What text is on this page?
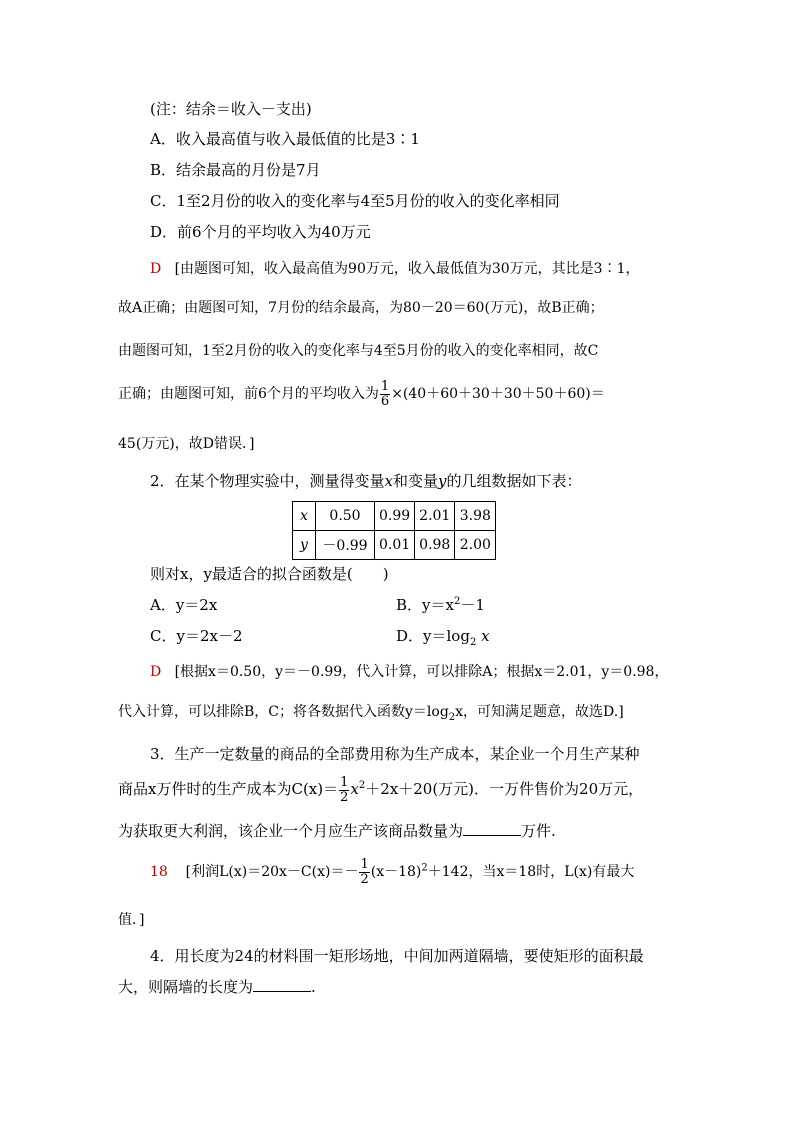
(注：结余＝收入－支出)
A．收入最高值与收入最低值的比是3∶1
B．结余最高的月份是7月
C．1至2月份的收入的变化率与4至5月份的收入的变化率相同
D．前6个月的平均收入为40万元
D [由题图可知，收入最高值为90万元，收入最低值为30万元，其比是3∶1，
故A正确；由题图可知，7月份的结余最高，为80－20＝60(万元)，故B正确；
由题图可知，1至2月份的收入的变化率与4至5月份的收入的变化率相同，故C
正确；由题图可知，前6个月的平均收入为 $\frac{1}{6} \times(40+60+30+30+50+60)=$
45(万元)，故D错误．]
2．在某个物理实验中，测量得变量x和变量y的几组数据如下表：
x	0.50	0.99	2.01	3.98
y	－0.99	0.01	0.98	2.00
则对x，y最适合的拟合函数是(　　)
A．y＝2x	B．$y=x^2-1$
C．y＝2x－2	D．$y=\log_2$ x
D [根据x＝0.50，y＝－0.99，代入计算，可以排除A；根据x＝2.01，y＝0.98，
代入计算，可以排除B，C；将各数据代入函数$y=\log_2x$，可知满足题意，故选D.]
3．生产一定数量的商品的全部费用称为生产成本，某企业一个月生产某种
商品x万件时的生产成本为$C(x)= \frac{1}{2} x^2+2x+20$(万元)．一万件售价为20万元，
为获取更大利润，该企业一个月应生产该商品数量为	万件.
18 [利润$L(x)=20x-C(x)=- \frac{1}{2} (x-18)^2+142$，当x＝18时，L(x)有最大
值．]
4．用长度为24的材料围一矩形场地，中间加两道隔墙，要使矩形的面积最
大，则隔墙的长度为	.
